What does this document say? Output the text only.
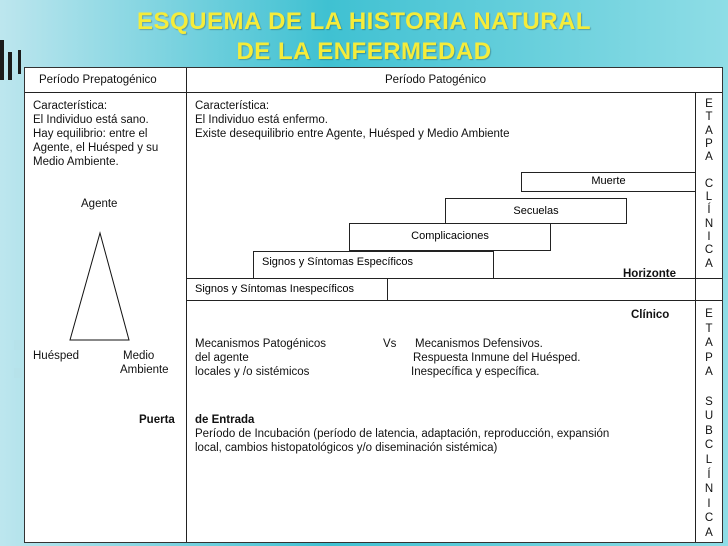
ESQUEMA DE LA HISTORIA NATURAL
DE LA ENFERMEDAD
Período Prepatogénico	Período Patogénico
Característica:
El Individuo está sano.
Hay equilibrio: entre el
Agente, el Huésped y su
Medio Ambiente.
Agente
Huésped	Medio
Ambiente
Puerta
Característica:
El Individuo está enfermo.
Existe desequilibrio entre Agente, Huésped y Medio Ambiente
Muerte
Secuelas
Complicaciones
Signos y Síntomas Específicos
Signos y Síntomas Inespecíficos
Horizonte
Clínico
Mecanismos Patogénicos	Vs Mecanismos Defensivos.
del agente	Respuesta Inmune del Huésped.
locales y /o sistémicos	Inespecífica y específica.
de Entrada
Período de Incubación (período de latencia, adaptación, reproducción, expansión
local, cambios histopatológicos y/o diseminación sistémica)
E
T
A
P
A
C
L
Í
N
I
C
A
E
T
A
P
A
S
U
B
C
L
Í
N
I
C
A
